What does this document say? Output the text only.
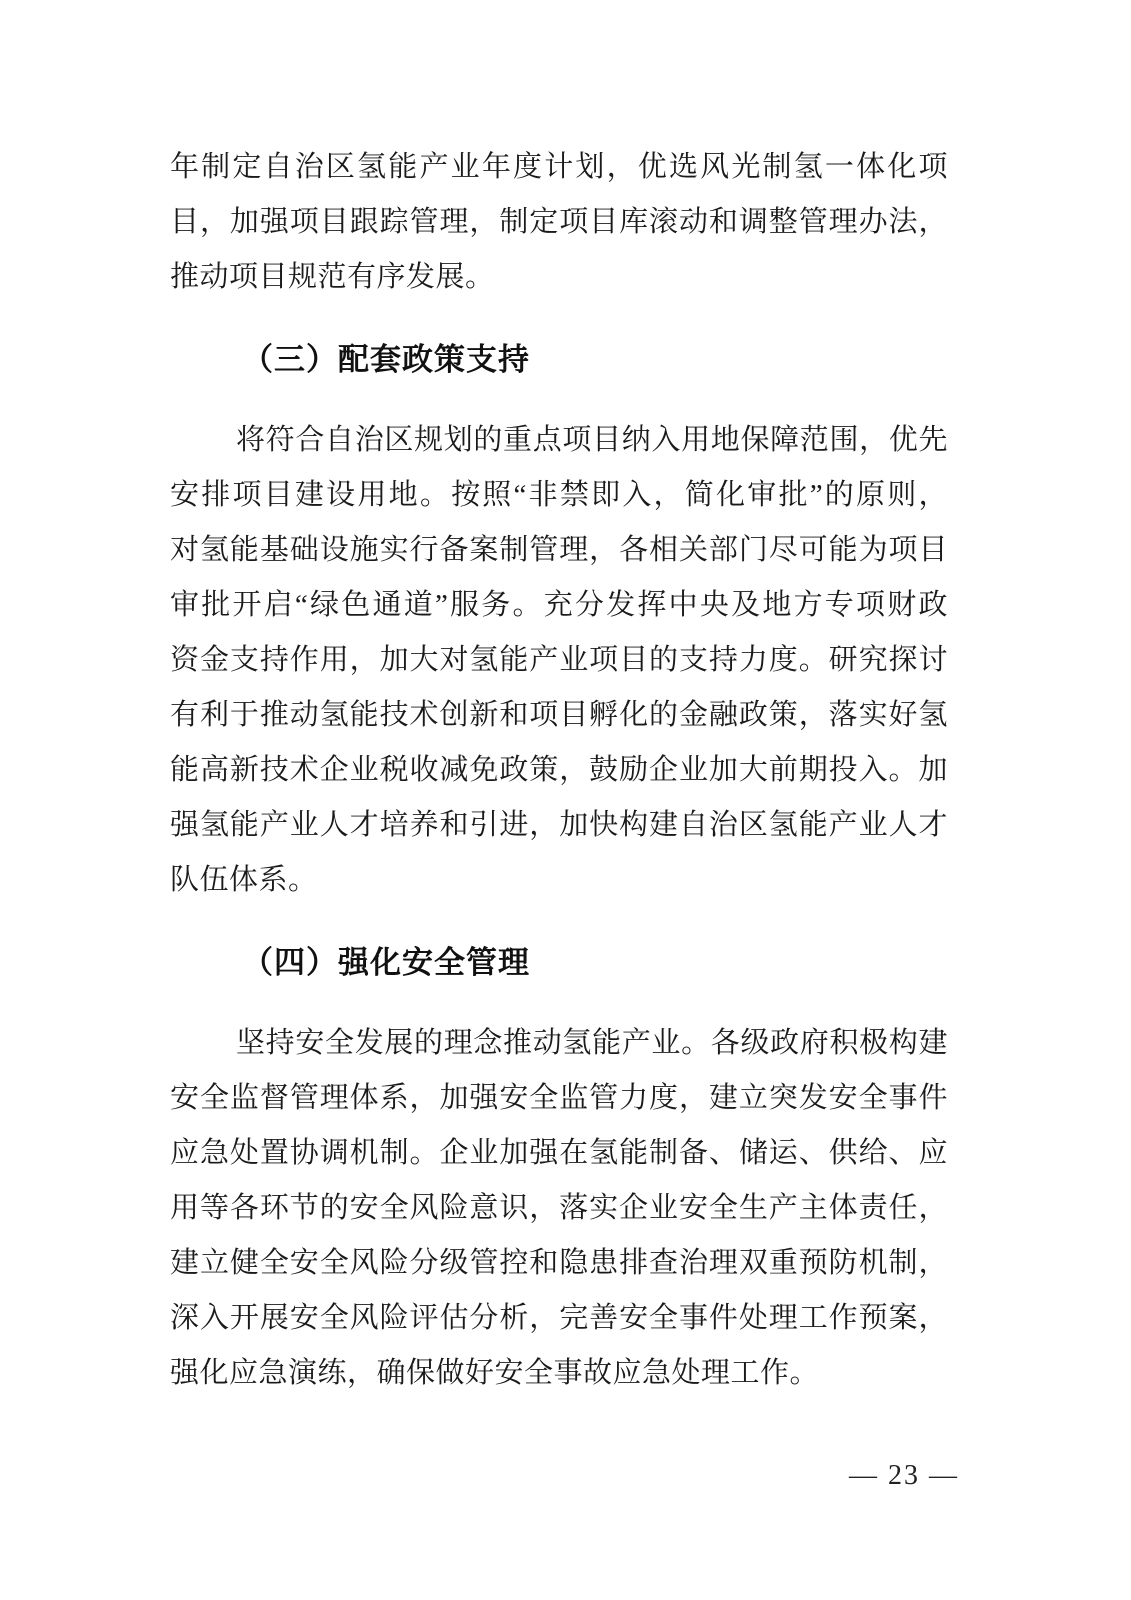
年制定自治区氢能产业年度计划，优选风光制氢一体化项
目，加强项目跟踪管理，制定项目库滚动和调整管理办法，
推动项目规范有序发展。
（三）配套政策支持
将符合自治区规划的重点项目纳入用地保障范围，优先
安排项目建设用地。按照“非禁即入，简化审批”的原则，
对氢能基础设施实行备案制管理，各相关部门尽可能为项目
审批开启“绿色通道”服务。充分发挥中央及地方专项财政
资金支持作用，加大对氢能产业项目的支持力度。研究探讨
有利于推动氢能技术创新和项目孵化的金融政策，落实好氢
能高新技术企业税收减免政策，鼓励企业加大前期投入。加
强氢能产业人才培养和引进，加快构建自治区氢能产业人才
队伍体系。
（四）强化安全管理
坚持安全发展的理念推动氢能产业。各级政府积极构建
安全监督管理体系，加强安全监管力度，建立突发安全事件
应急处置协调机制。企业加强在氢能制备、储运、供给、应
用等各环节的安全风险意识，落实企业安全生产主体责任，
建立健全安全风险分级管控和隐患排查治理双重预防机制，
深入开展安全风险评估分析，完善安全事件处理工作预案，
强化应急演练，确保做好安全事故应急处理工作。
— 23 —
